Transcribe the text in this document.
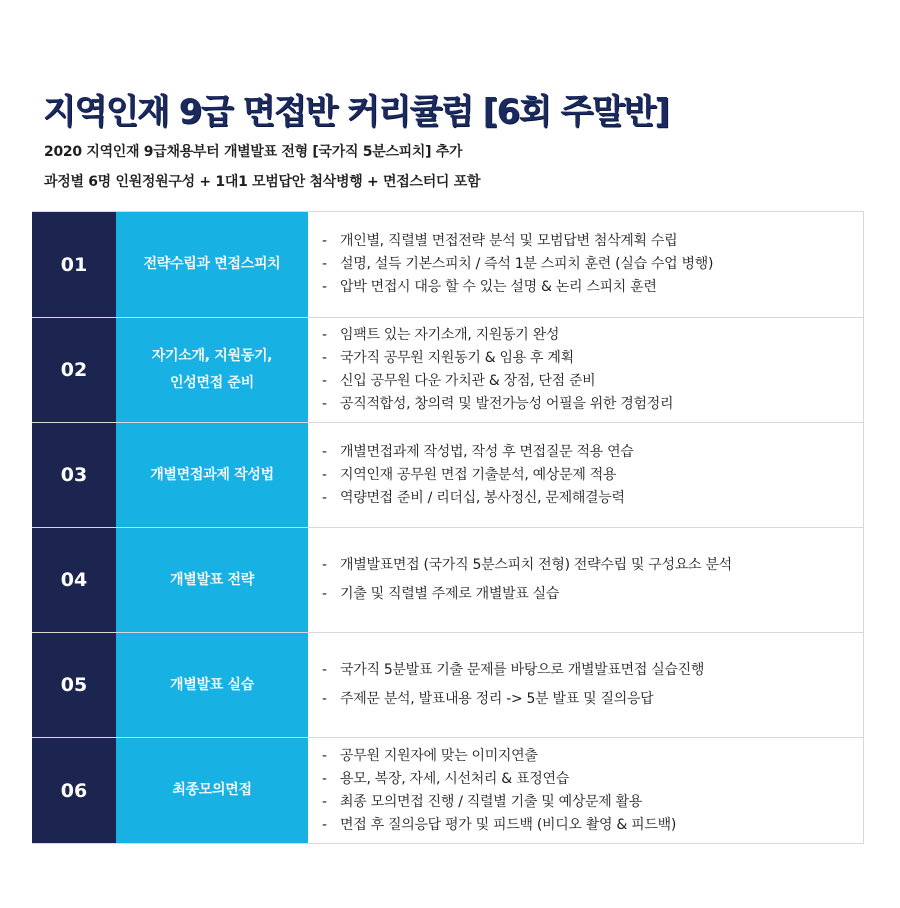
지역인재 9급 면접반 커리큘럼 [6회 주말반]
2020 지역인재 9급채용부터 개별발표 전형 [국가직 5분스피치] 추가
과정별 6명 인원정원구성 + 1대1 모범답안 첨삭병행 + 면접스터디 포함
01	전략수립과 면접스피치
- 개인별, 직렬별 면접전략 분석 및 모범답변 첨삭계획 수립
- 설명, 설득 기본스피치 / 즉석 1분 스피치 훈련 (실습 수업 병행)
- 압박 면접시 대응 할 수 있는 설명 & 논리 스피치 훈련
02
자기소개, 지원동기,
인성면접 준비
- 임팩트 있는 자기소개, 지원동기 완성
- 국가직 공무원 지원동기 & 임용 후 계획
- 신입 공무원 다운 가치관 & 장점, 단점 준비
- 공직적합성, 창의력 및 발전가능성 어필을 위한 경험정리
03	개별면접과제 작성법
- 개별면접과제 작성법, 작성 후 면접질문 적용 연습
- 지역인재 공무원 면접 기출분석, 예상문제 적용
- 역량면접 준비 / 리더십, 봉사정신, 문제해결능력
04	개별발표 전략
- 개별발표면접 (국가직 5분스피치 전형) 전략수립 및 구성요소 분석
- 기출 및 직렬별 주제로 개별발표 실습
05	개별발표 실습
- 국가직 5분발표 기출 문제를 바탕으로 개별발표면접 실습진행
- 주제문 분석, 발표내용 정리 -> 5분 발표 및 질의응답
06	최종모의면접
- 공무원 지원자에 맞는 이미지연출
- 용모, 복장, 자세, 시선처리 & 표정연습
- 최종 모의면접 진행 / 직렬별 기출 및 예상문제 활용
- 면접 후 질의응답 평가 및 피드백 (비디오 촬영 & 피드백)
